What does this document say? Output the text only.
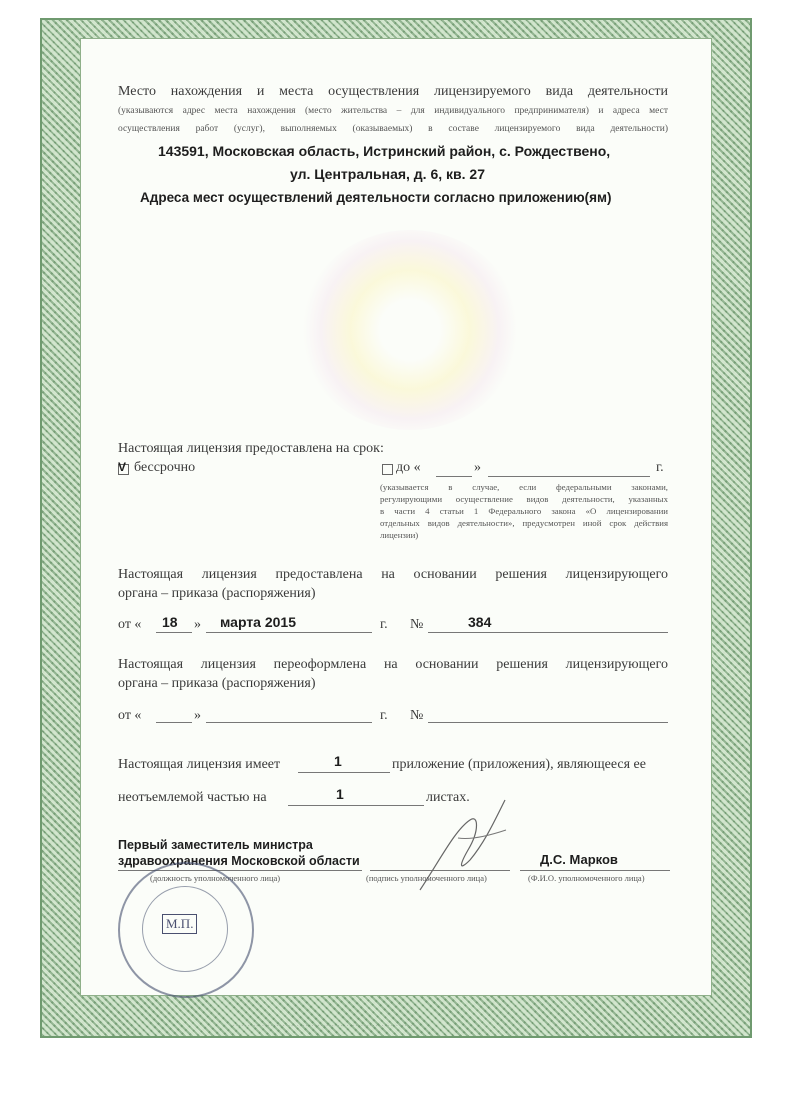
Место нахождения и места осуществления лицензируемого вида деятельности
(указываются адрес места нахождения (место жительства – для индивидуального предпринимателя) и адреса мест
осуществления работ (услуг), выполняемых (оказываемых) в составе лицензируемого вида деятельности)
143591, Московская область, Истринский район, с. Рождествено,
ул. Центральная, д. 6, кв. 27
Адреса мест осуществлений деятельности согласно приложению(ям)
Настоящая лицензия предоставлена на срок:
V бессрочно	до «	»	г.
(указывается в случае, если федеральными законами,
регулирующими осуществление видов деятельности, указанных
в части 4 статьи 1 Федерального закона «О лицензировании
отдельных видов деятельности», предусмотрен иной срок действия
лицензии)
Настоящая лицензия предоставлена на основании решения лицензирующего
органа – приказа (распоряжения)
от « 18 » марта 2015	г. №	384
Настоящая лицензия переоформлена на основании решения лицензирующего
органа – приказа (распоряжения)
от «	»	г. №
Настоящая лицензия имеет	1	приложение (приложения), являющееся ее
неотъемлемой частью на	1	листах.
Первый заместитель министра
здравоохранения Московской области	Д.С. Марков
(должность уполномоченного лица)	(подпись уполномоченного лица)	(Ф.И.О. уполномоченного лица)
М.П.
· · · · · · · · · · · · · · · · · · · · · · · · · · · · · · · · · · · · · · · · · · · · · · · · · · · · · · · · · · · · · · · ·
